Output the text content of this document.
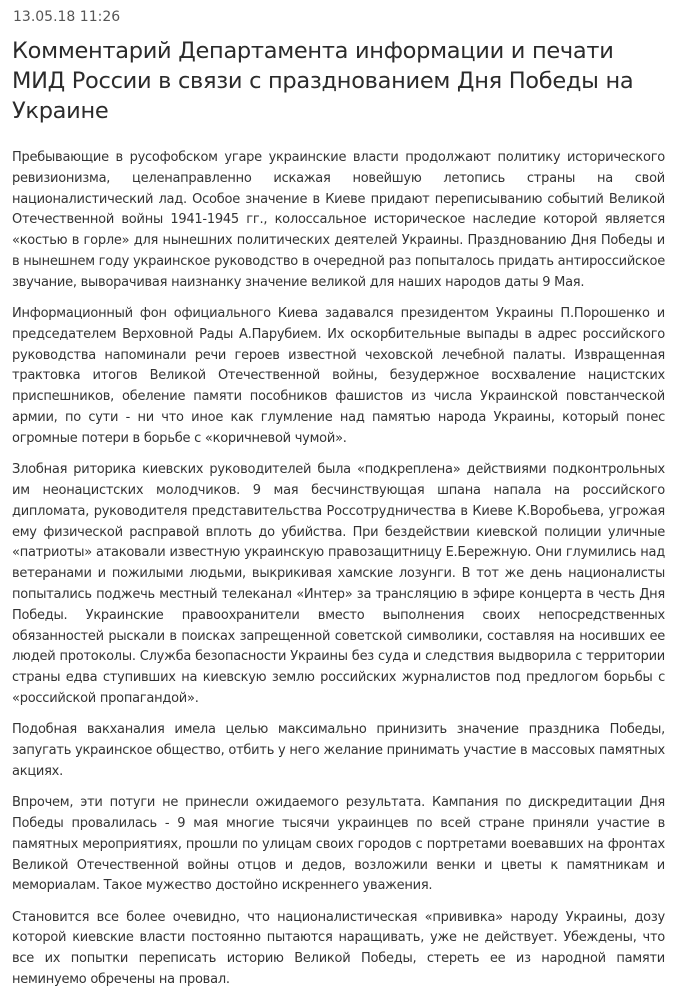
13.05.18 11:26
Комментарий Департамента информации и печати МИД России в связи с празднованием Дня Победы на Украине

Пребывающие в русофобском угаре украинские власти продолжают политику исторического ревизионизма, целенаправленно искажая новейшую летопись страны на свой националистический лад. Особое значение в Киеве придают переписыванию событий Великой Отечественной войны 1941-1945 гг., колоссальное историческое наследие которой является «костью в горле» для нынешних политических деятелей Украины. Празднованию Дня Победы и в нынешнем году украинское руководство в очередной раз попыталось придать антироссийское звучание, выворачивая наизнанку значение великой для наших народов даты 9 Мая.

Информационный фон официального Киева задавался президентом Украины П.Порошенко и председателем Верховной Рады А.Парубием. Их оскорбительные выпады в адрес российского руководства напоминали речи героев известной чеховской лечебной палаты. Извращенная трактовка итогов Великой Отечественной войны, безудержное восхваление нацистских приспешников, обеление памяти пособников фашистов из числа Украинской повстанческой армии, по сути - ни что иное как глумление над памятью народа Украины, который понес огромные потери в борьбе с «коричневой чумой».

Злобная риторика киевских руководителей была «подкреплена» действиями подконтрольных им неонацистских молодчиков. 9 мая бесчинствующая шпана напала на российского дипломата, руководителя представительства Россотрудничества в Киеве К.Воробьева, угрожая ему физической расправой вплоть до убийства. При бездействии киевской полиции уличные «патриоты» атаковали известную украинскую правозащитницу Е.Бережную. Они глумились над ветеранами и пожилыми людьми, выкрикивая хамские лозунги. В тот же день националисты попытались поджечь местный телеканал «Интер» за трансляцию в эфире концерта в честь Дня Победы. Украинские правоохранители вместо выполнения своих непосредственных обязанностей рыскали в поисках запрещенной советской символики, составляя на носивших ее людей протоколы. Служба безопасности Украины без суда и следствия выдворила с территории страны едва ступивших на киевскую землю российских журналистов под предлогом борьбы с «российской пропагандой».

Подобная вакханалия имела целью максимально принизить значение праздника Победы, запугать украинское общество, отбить у него желание принимать участие в массовых памятных акциях.

Впрочем, эти потуги не принесли ожидаемого результата. Кампания по дискредитации Дня Победы провалилась - 9 мая многие тысячи украинцев по всей стране приняли участие в памятных мероприятиях, прошли по улицам своих городов с портретами воевавших на фронтах Великой Отечественной войны отцов и дедов, возложили венки и цветы к памятникам и мемориалам. Такое мужество достойно искреннего уважения.

Становится все более очевидно, что националистическая «прививка» народу Украины, дозу которой киевские власти постоянно пытаются наращивать, уже не действует. Убеждены, что все их попытки переписать историю Великой Победы, стереть ее из народной памяти неминуемо обречены на провал.
